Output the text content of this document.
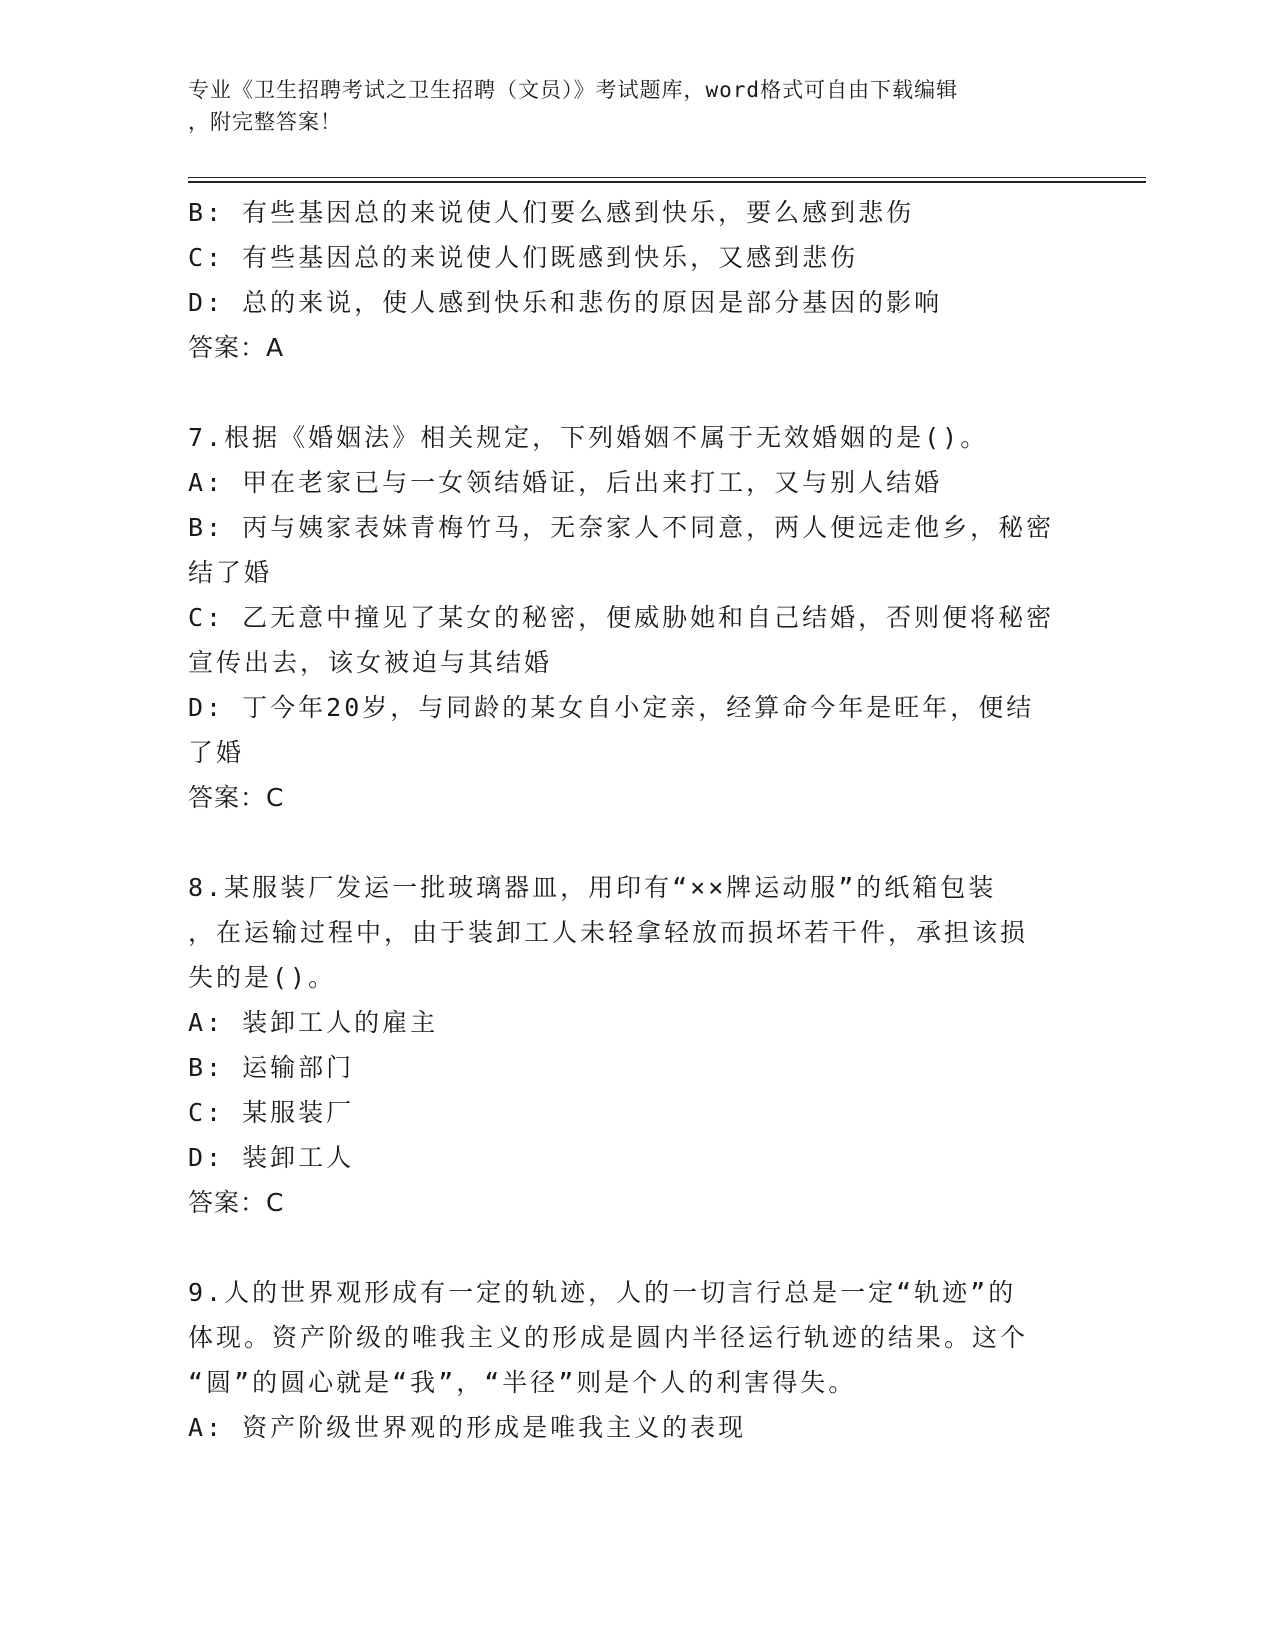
专业《卫生招聘考试之卫生招聘（文员）》考试题库，word格式可自由下载编辑

，附完整答案！

B: 有些基因总的来说使人们要么感到快乐，要么感到悲伤

C: 有些基因总的来说使人们既感到快乐，又感到悲伤

D: 总的来说，使人感到快乐和悲伤的原因是部分基因的影响

答案：A

7.根据《婚姻法》相关规定，下列婚姻不属于无效婚姻的是()。

A: 甲在老家已与一女领结婚证，后出来打工，又与别人结婚

B: 丙与姨家表妹青梅竹马，无奈家人不同意，两人便远走他乡，秘密

结了婚

C: 乙无意中撞见了某女的秘密，便威胁她和自己结婚，否则便将秘密

宣传出去，该女被迫与其结婚

D: 丁今年20岁，与同龄的某女自小定亲，经算命今年是旺年，便结

了婚

答案：C

8.某服装厂发运一批玻璃器皿，用印有“××牌运动服”的纸箱包装

，在运输过程中，由于装卸工人未轻拿轻放而损坏若干件，承担该损

失的是()。

A: 装卸工人的雇主

B: 运输部门

C: 某服装厂

D: 装卸工人

答案：C

9.人的世界观形成有一定的轨迹，人的一切言行总是一定“轨迹”的

体现。资产阶级的唯我主义的形成是圆内半径运行轨迹的结果。这个

“圆”的圆心就是“我”，“半径”则是个人的利害得失。

A: 资产阶级世界观的形成是唯我主义的表现
